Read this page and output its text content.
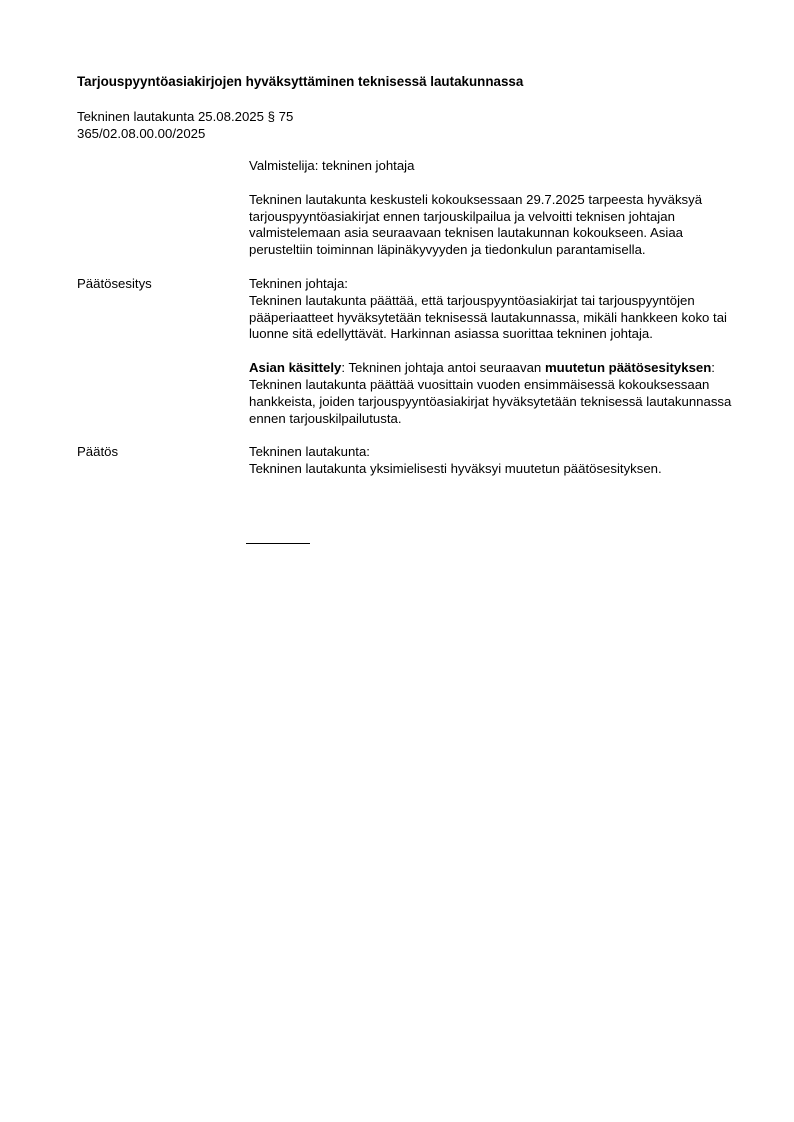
Tarjouspyyntöasiakirjojen hyväksyttäminen teknisessä lautakunnassa
Tekninen lautakunta 25.08.2025 § 75
365/02.08.00.00/2025

Valmistelija: tekninen johtaja

Tekninen lautakunta keskusteli kokouksessaan 29.7.2025 tarpeesta hyväksyä tarjouspyyntöasiakirjat ennen tarjouskilpailua ja velvoitti teknisen johtajan valmistelemaan asia seuraavaan teknisen lautakunnan kokoukseen. Asiaa perusteltiin toiminnan läpinäkyvyyden ja tiedonkulun parantamisella.

Päätösesitys	Tekninen johtaja:

Tekninen lautakunta päättää, että tarjouspyyntöasiakirjat tai tarjouspyyntöjen pääperiaatteet hyväksytetään teknisessä lautakunnassa, mikäli hankkeen koko tai luonne sitä edellyttävät. Harkinnan asiassa suorittaa tekninen johtaja.

Asian käsittely: Tekninen johtaja antoi seuraavan muutetun päätösesityksen:

Tekninen lautakunta päättää vuosittain vuoden ensimmäisessä kokouksessaan hankkeista, joiden tarjouspyyntöasiakirjat hyväksytetään teknisessä lautakunnassa ennen tarjouskilpailutusta.

Päätös	Tekninen lautakunta:

Tekninen lautakunta yksimielisesti hyväksyi muutetun päätösesityksen.
